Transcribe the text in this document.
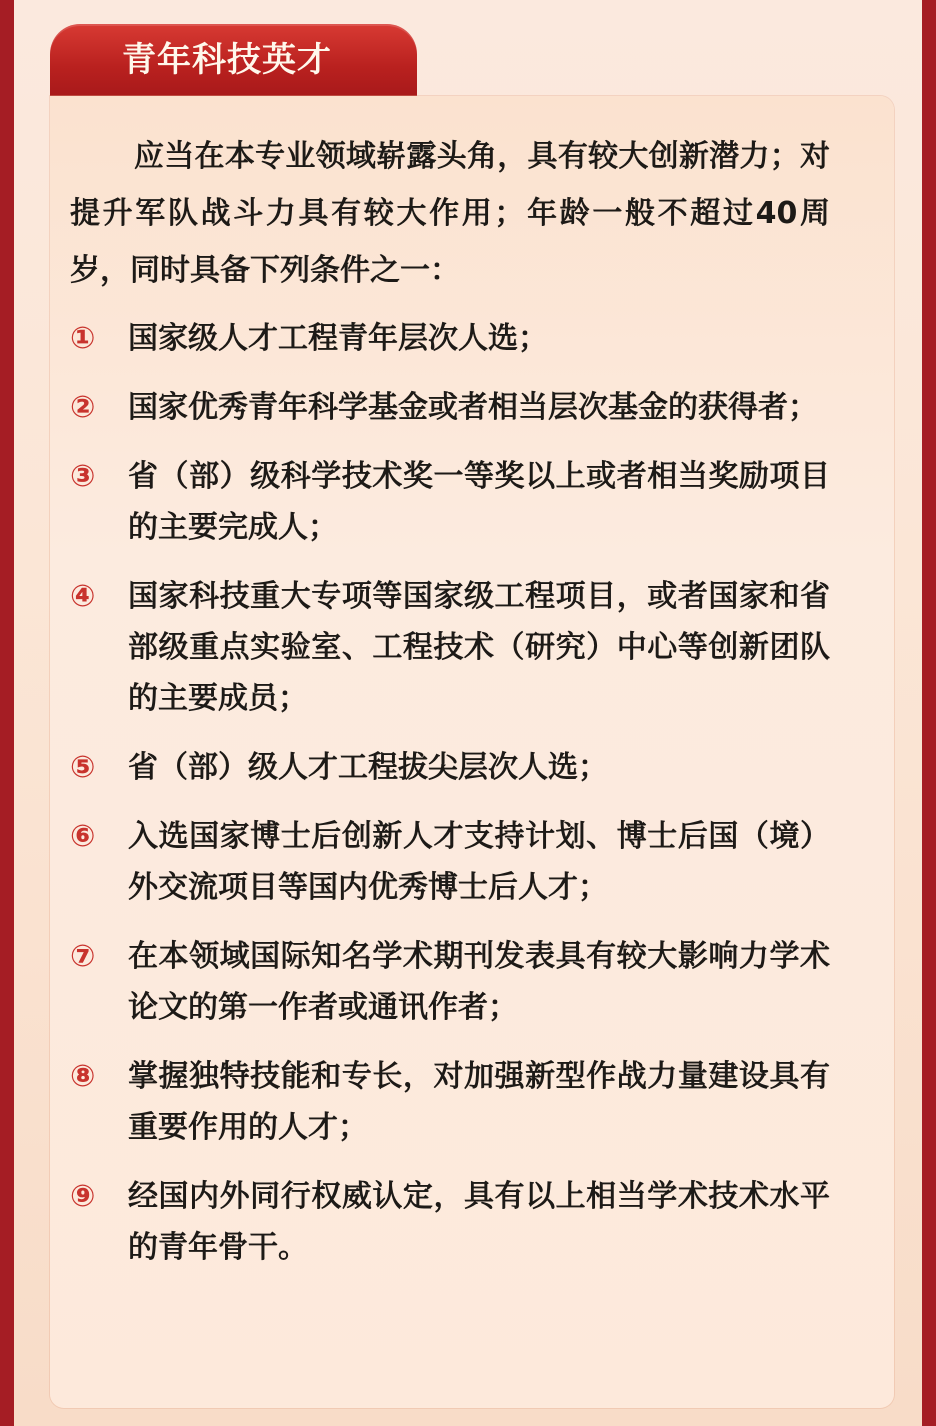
青年科技英才

应当在本专业领域崭露头角，具有较大创新潜力；对提升军队战斗力具有较大作用；年龄一般不超过40周岁，同时具备下列条件之一：

① 国家级人才工程青年层次人选；
② 国家优秀青年科学基金或者相当层次基金的获得者；
③ 省（部）级科学技术奖一等奖以上或者相当奖励项目的主要完成人；
④ 国家科技重大专项等国家级工程项目，或者国家和省部级重点实验室、工程技术（研究）中心等创新团队的主要成员；
⑤ 省（部）级人才工程拔尖层次人选；
⑥ 入选国家博士后创新人才支持计划、博士后国（境）外交流项目等国内优秀博士后人才；
⑦ 在本领域国际知名学术期刊发表具有较大影响力学术论文的第一作者或通讯作者；
⑧ 掌握独特技能和专长，对加强新型作战力量建设具有重要作用的人才；
⑨ 经国内外同行权威认定，具有以上相当学术技术水平的青年骨干。
